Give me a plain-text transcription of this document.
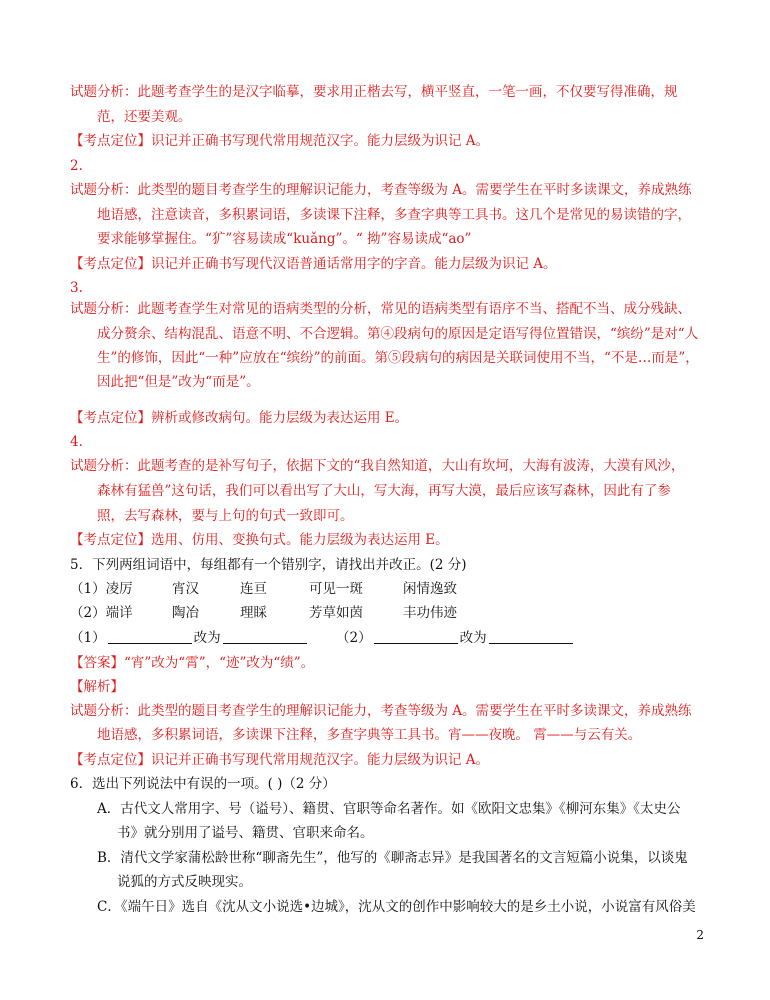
试题分析：此题考查学生的是汉字临摹，要求用正楷去写，横平竖直，一笔一画，不仅要写得准确，规
范，还要美观。
【考点定位】识记并正确书写现代常用规范汉字。能力层级为识记 A。
2.
试题分析：此类型的题目考查学生的理解识记能力，考查等级为 A。需要学生在平时多读课文，养成熟练
地语感，注意读音，多积累词语，多读课下注释，多查字典等工具书。这几个是常见的易读错的字，
要求能够掌握住。“犷”容易读成“kuǎng”。“ 拗”容易读成“ao”
【考点定位】识记并正确书写现代汉语普通话常用字的字音。能力层级为识记 A。
3.
试题分析：此题考查学生对常见的语病类型的分析，常见的语病类型有语序不当、搭配不当、成分残缺、
成分赘余、结构混乱、语意不明、不合逻辑。第④段病句的原因是定语写得位置错误，“缤纷”是对“人
生”的修饰，因此“一种”应放在“缤纷”的前面。第⑤段病句的病因是关联词使用不当，“不是…而是”，
因此把“但是”改为“而是”。
【考点定位】辨析或修改病句。能力层级为表达运用 E。
4.
试题分析：此题考查的是补写句子，依据下文的“我自然知道，大山有坎坷，大海有波涛，大漠有风沙，
森林有猛兽”这句话，我们可以看出写了大山，写大海，再写大漠，最后应该写森林，因此有了参
照，去写森林，要与上句的句式一致即可。
【考点定位】选用、仿用、变换句式。能力层级为表达运用 E。
5．下列两组词语中，每组都有一个错别字，请找出并改正。(2 分)
（1）凌厉	宵汉	连亘	可见一斑	闲情逸致
（2）端详	陶冶	理睬	芳草如茵	丰功伟迹
（1）	改为	（2）	改为
【答案】“宵”改为“霄”，“迹”改为“绩”。
【解析】
试题分析：此类型的题目考查学生的理解识记能力，考查等级为 A。需要学生在平时多读课文，养成熟练
地语感，多积累词语，多读课下注释，多查字典等工具书。宵——夜晚。 霄——与云有关。
【考点定位】识记并正确书写现代常用规范汉字。能力层级为识记 A。
6．选出下列说法中有误的一项。( )（2 分）
A．古代文人常用字、号（谥号）、籍贯、官职等命名著作。如《欧阳文忠集》《柳河东集》《太史公
书》就分别用了谥号、籍贯、官职来命名。
B．清代文学家蒲松龄世称“聊斋先生”，他写的《聊斋志异》是我国著名的文言短篇小说集，以谈鬼
说狐的方式反映现实。
C．《端午日》选自《沈从文小说选•边城》，沈从文的创作中影响较大的是乡土小说，小说富有风俗美
2
